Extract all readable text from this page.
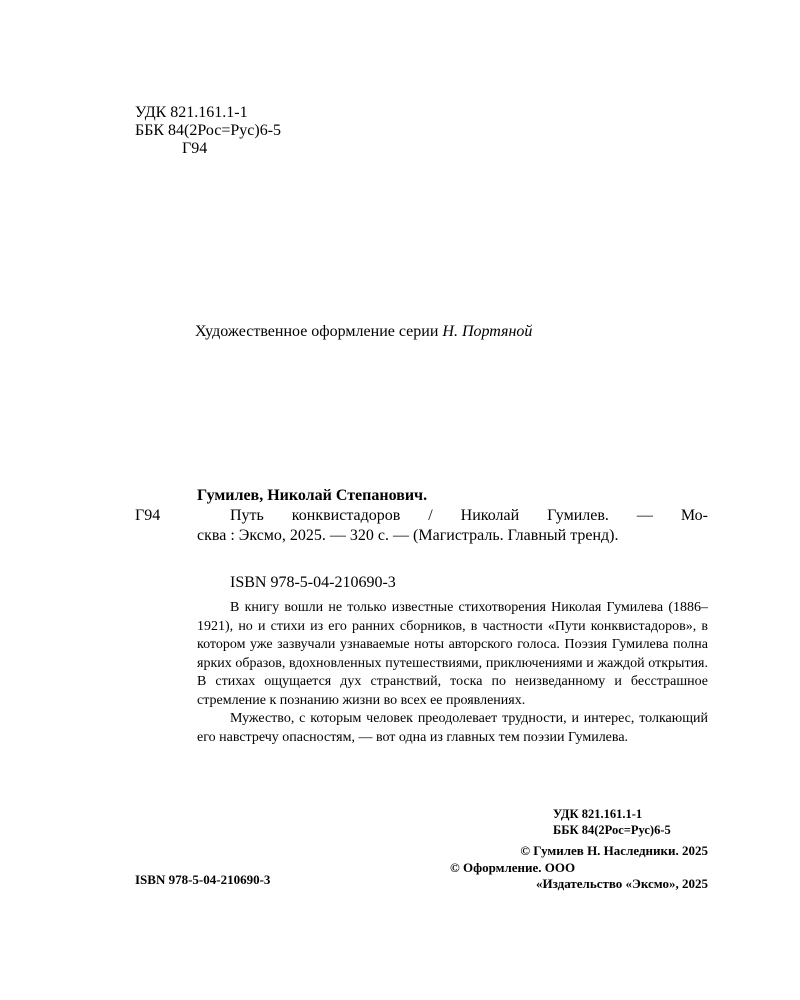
УДК 821.161.1-1
ББК 84(2Рос=Рус)6-5
Г94
Художественное оформление серии Н. Портяной
Гумилев, Николай Степанович.
Г94	Путь конквистадоров / Николай Гумилев. — Мо-
сква : Эксмо, 2025. — 320 с. — (Магистраль. Главный тренд).
ISBN 978-5-04-210690-3

В книгу вошли не только известные стихотворения Николая Гумилева (1886–1921), но и стихи из его ранних сборников, в частности «Пути конквистадоров», в котором уже зазвучали узнаваемые ноты авторского голоса. Поэзия Гумилева полна ярких образов, вдохновленных путешествиями, приключениями и жаждой открытия. В стихах ощущается дух странствий, тоска по неизведанному и бесстрашное стремление к познанию жизни во всех ее проявлениях.

Мужество, с которым человек преодолевает трудности, и интерес, толкающий его навстречу опасностям, — вот одна из главных тем поэзии Гумилева.

УДК 821.161.1-1
ББК 84(2Рос=Рус)6-5
© Гумилев Н. Наследники. 2025
© Оформление. ООО
«Издательство «Эксмо», 2025
ISBN 978-5-04-210690-3
